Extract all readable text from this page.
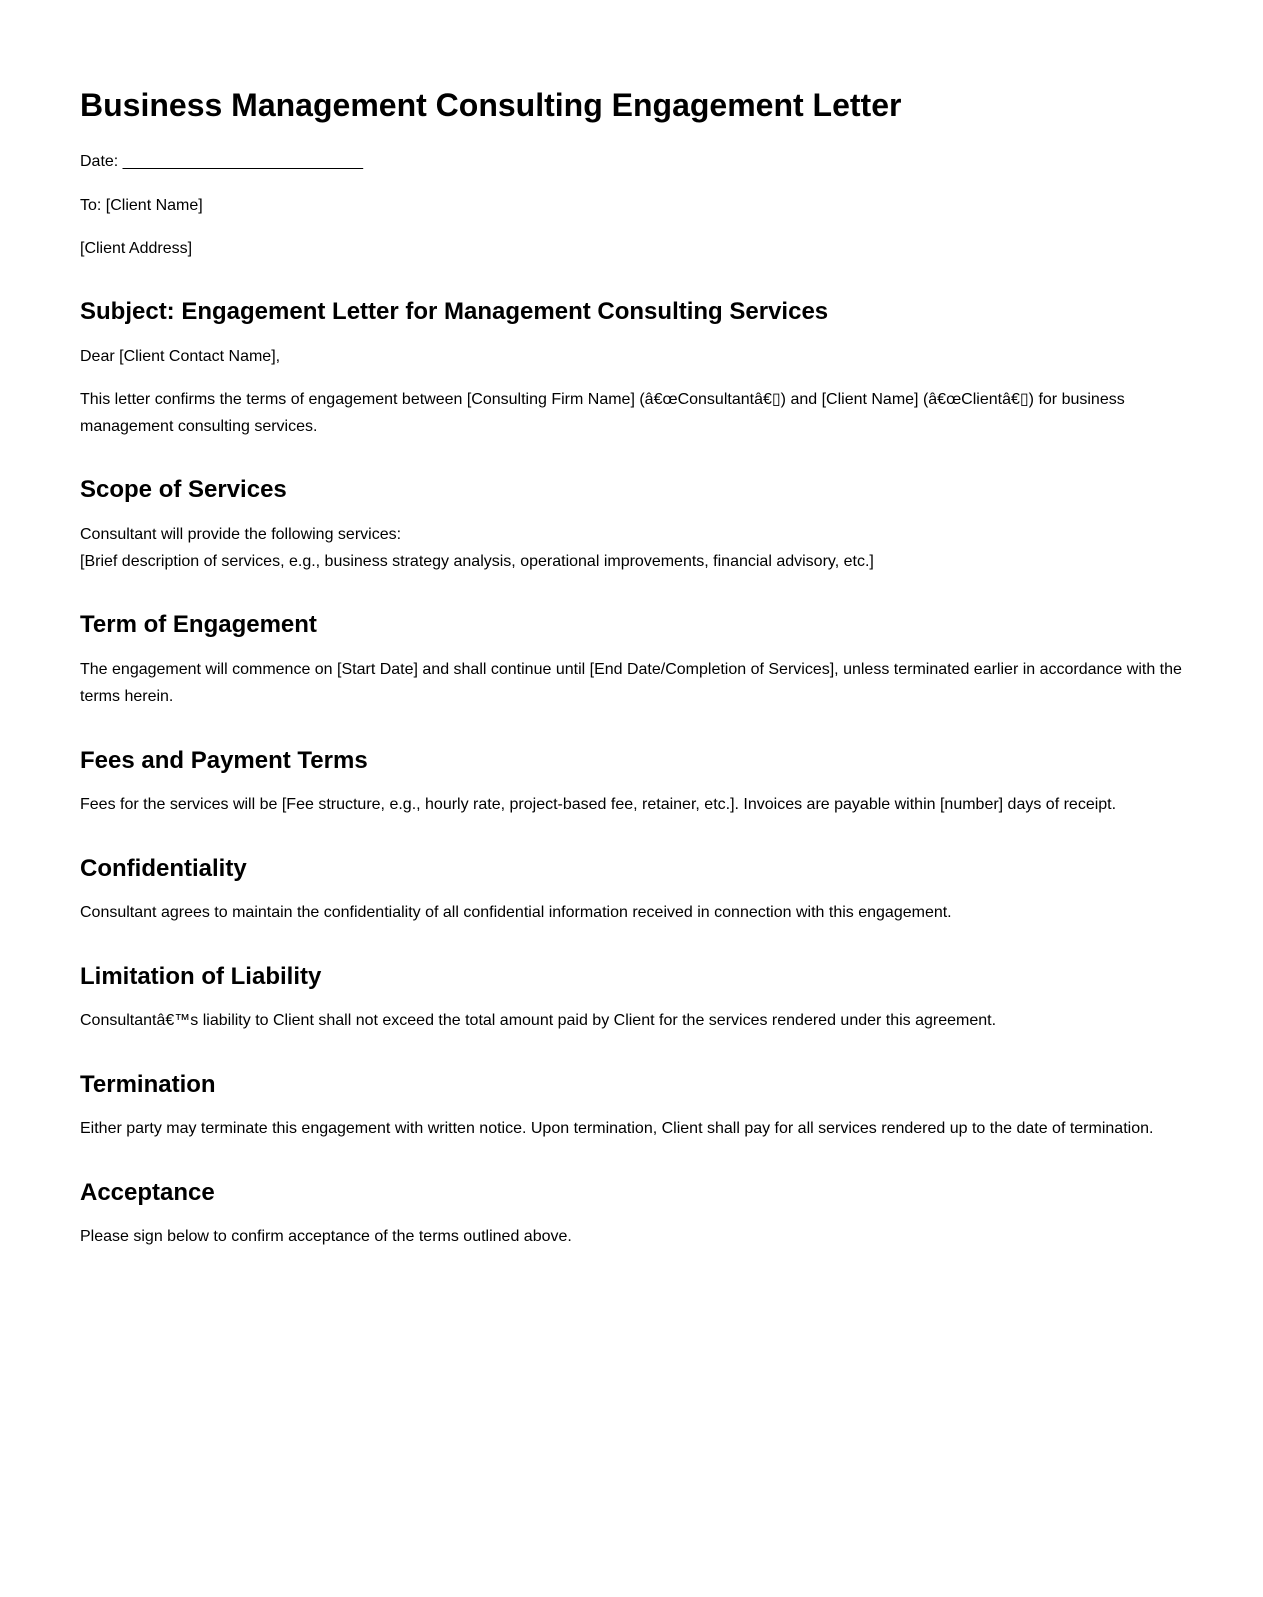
Business Management Consulting Engagement Letter

Date: ___________________________

To: [Client Name]

[Client Address]

Subject: Engagement Letter for Management Consulting Services

Dear [Client Contact Name],

This letter confirms the terms of engagement between [Consulting Firm Name] (â€œConsultantâ€▯) and [Client Name] (â€œClientâ€▯) for business management consulting services.

Scope of Services

Consultant will provide the following services:
[Brief description of services, e.g., business strategy analysis, operational improvements, financial advisory, etc.]

Term of Engagement

The engagement will commence on [Start Date] and shall continue until [End Date/Completion of Services], unless terminated earlier in accordance with the terms herein.

Fees and Payment Terms

Fees for the services will be [Fee structure, e.g., hourly rate, project-based fee, retainer, etc.]. Invoices are payable within [number] days of receipt.

Confidentiality

Consultant agrees to maintain the confidentiality of all confidential information received in connection with this engagement.

Limitation of Liability

Consultantâ€™s liability to Client shall not exceed the total amount paid by Client for the services rendered under this agreement.

Termination

Either party may terminate this engagement with written notice. Upon termination, Client shall pay for all services rendered up to the date of termination.

Acceptance

Please sign below to confirm acceptance of the terms outlined above.
